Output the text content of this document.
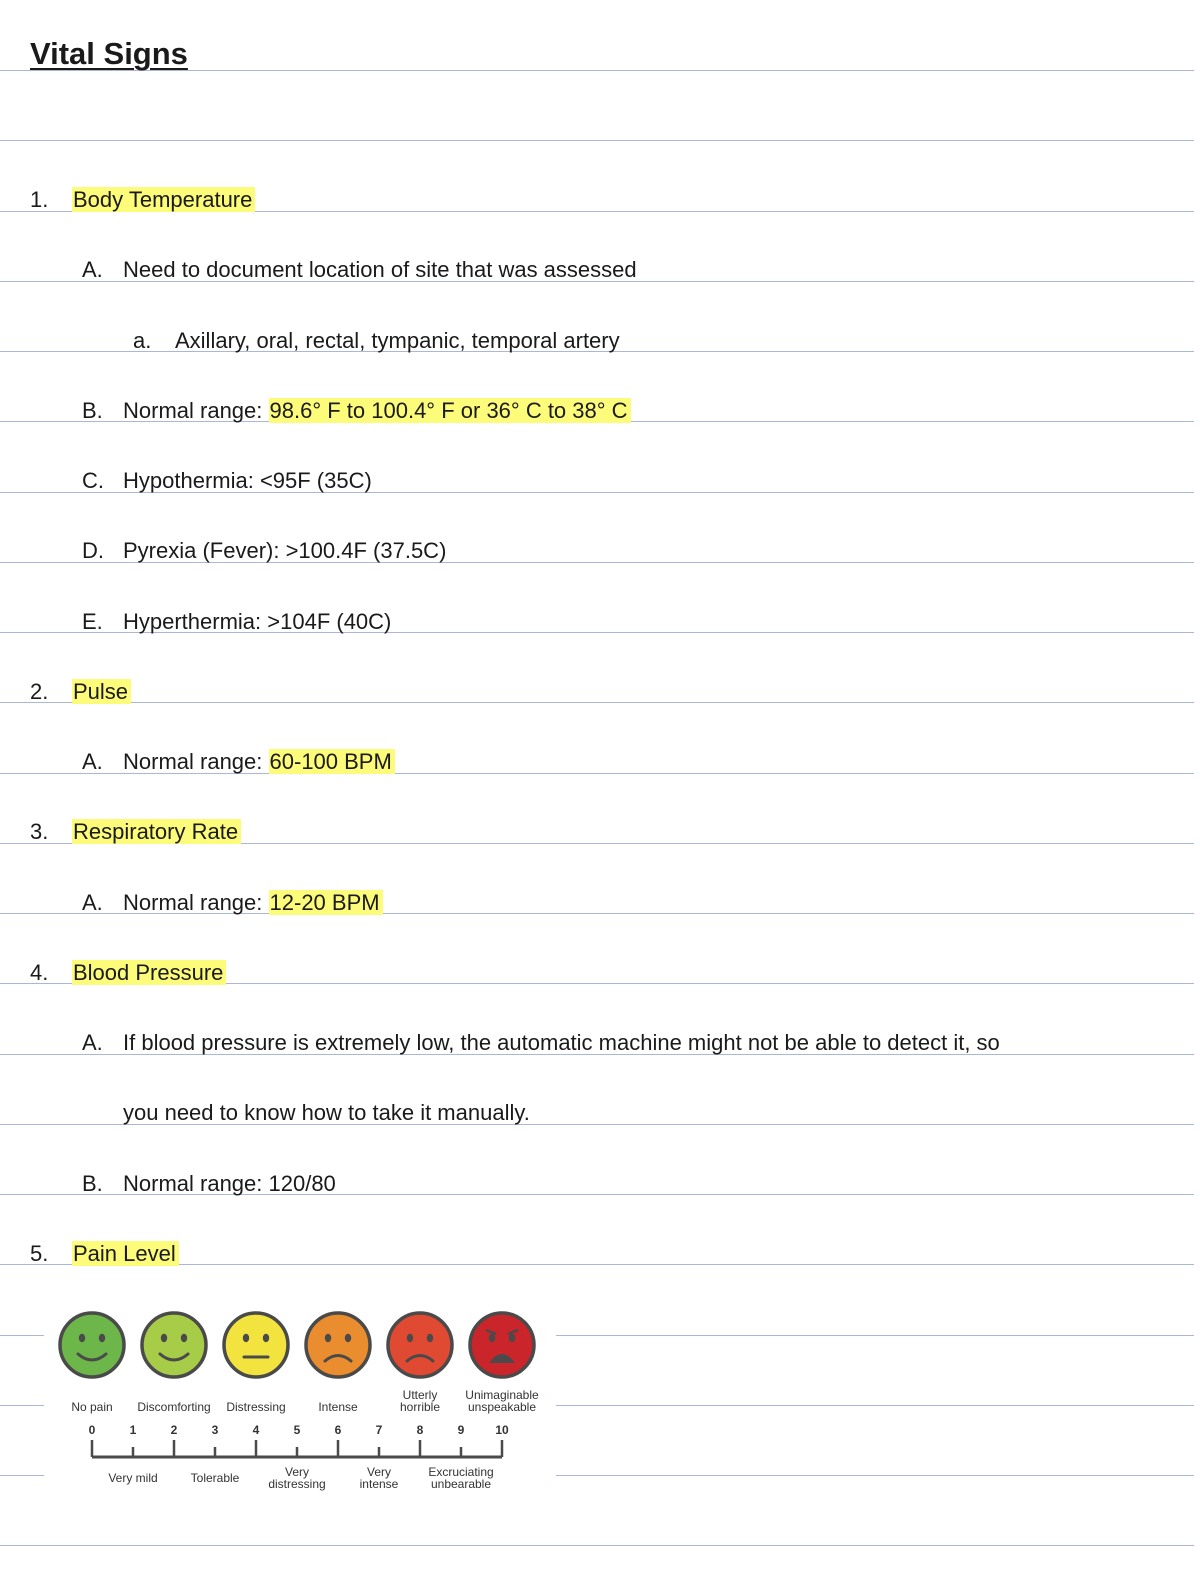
Vital Signs
1. Body Temperature
A. Need to document location of site that was assessed
a. Axillary, oral, rectal, tympanic, temporal artery
B. Normal range: 98.6° F to 100.4° F or 36° C to 38° C
C. Hypothermia: <95F (35C)
D. Pyrexia (Fever): >100.4F (37.5C)
E. Hyperthermia: >104F (40C)
2. Pulse
A. Normal range: 60-100 BPM
3. Respiratory Rate
A. Normal range: 12-20 BPM
4. Blood Pressure
A. If blood pressure is extremely low, the automatic machine might not be able to detect it, so
you need to know how to take it manually.
B. Normal range: 120/80
5. Pain Level
No pain Discomforting Distressing	Intense
Utterly
horrible
Unimaginable
unspeakable
0	1	2	3	4	5	6	7	8	9	10
Very mild	Tolerable	Very
distressing
Very
intense
Excruciating
unbearable
